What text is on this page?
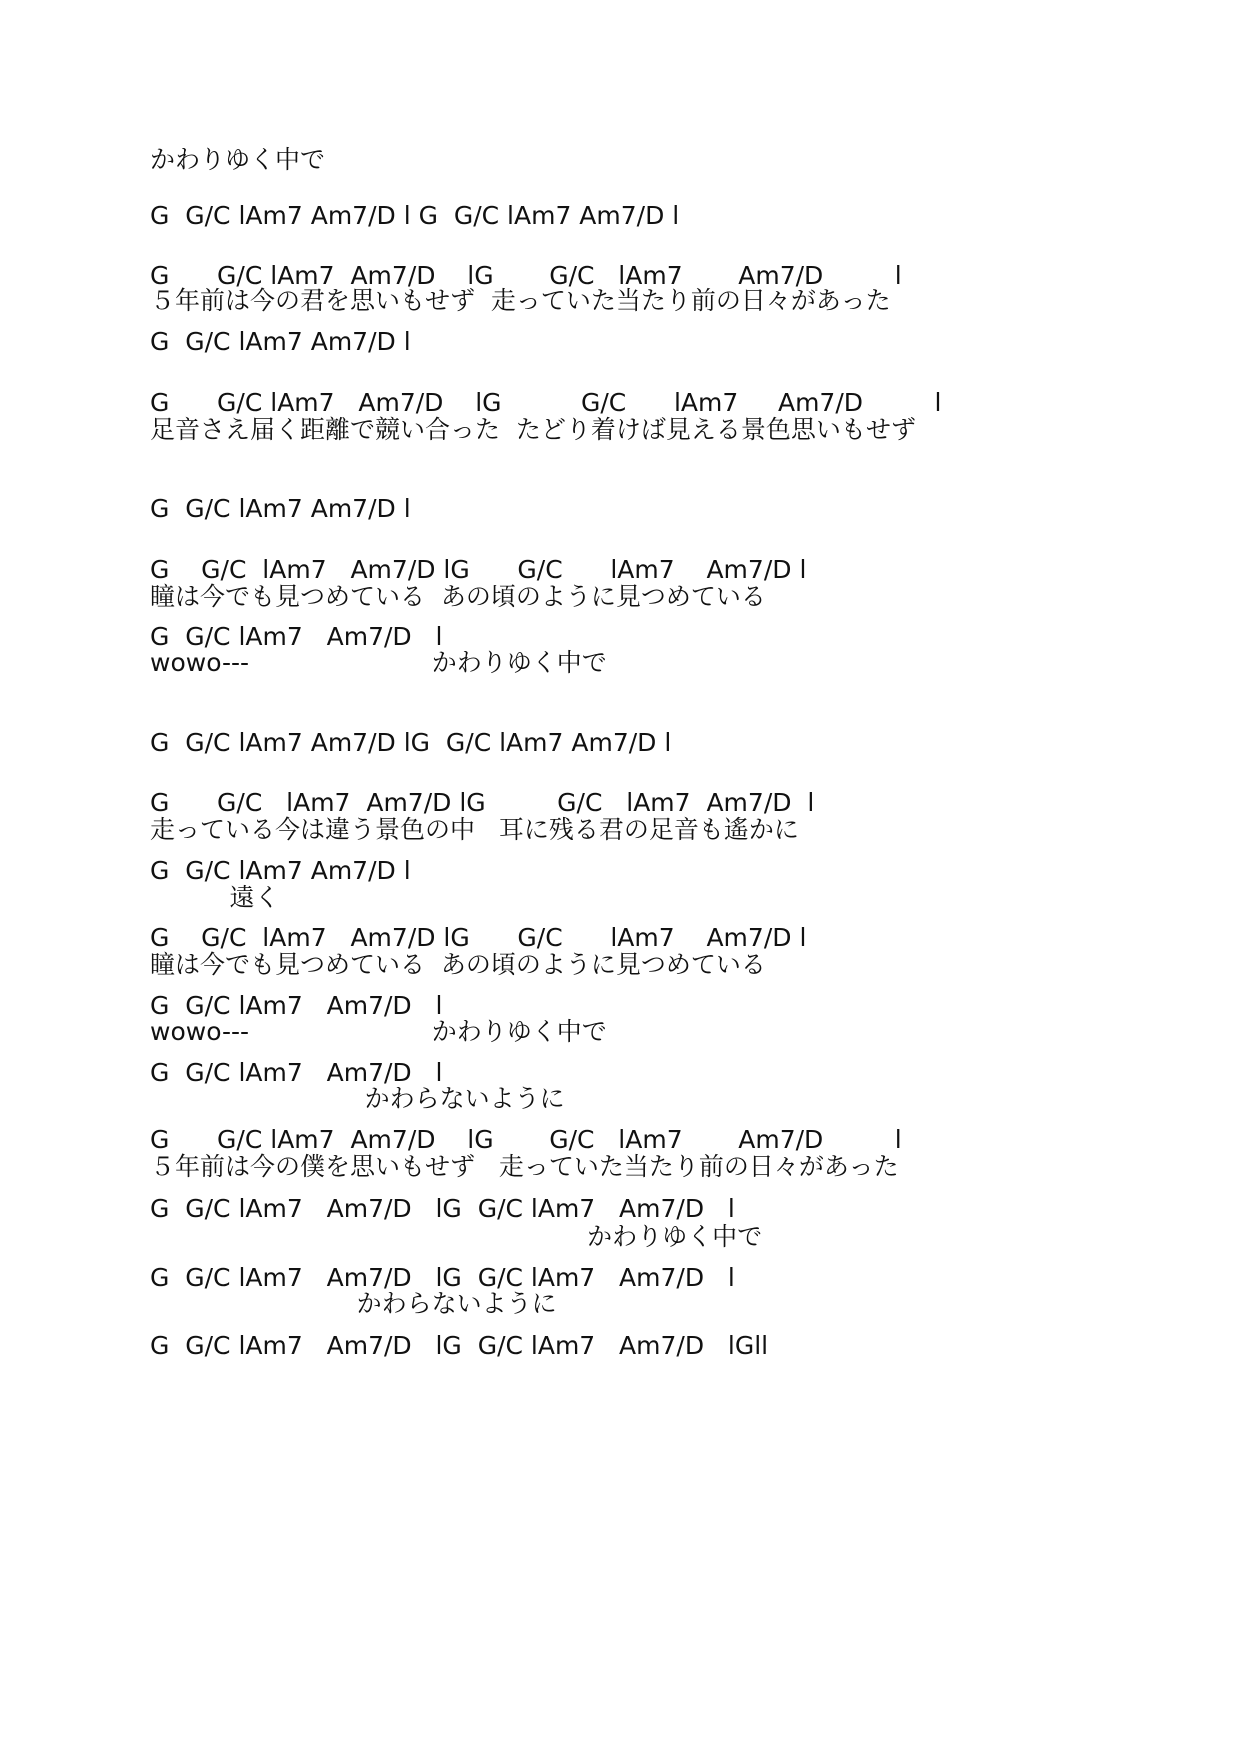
かわりゆく中で

G  G/C lAm7 Am7/D l G  G/C lAm7 Am7/D l

G      G/C lAm7  Am7/D    lG       G/C   lAm7       Am7/D         l

５年前は今の君を思いもせず  走っていた当たり前の日々があった

G  G/C lAm7 Am7/D l

G      G/C lAm7   Am7/D    lG          G/C      lAm7     Am7/D         l

足音さえ届く距離で競い合った  たどり着けば見える景色思いもせず

G  G/C lAm7 Am7/D l

G    G/C  lAm7   Am7/D lG      G/C      lAm7    Am7/D l

瞳は今でも見つめている  あの頃のように見つめている

G  G/C lAm7   Am7/D   l

wowo---                       かわりゆく中で

G  G/C lAm7 Am7/D lG  G/C lAm7 Am7/D l

G      G/C   lAm7  Am7/D lG         G/C   lAm7  Am7/D  l

走っている今は違う景色の中   耳に残る君の足音も遙かに

G  G/C lAm7 Am7/D l

遠く

G    G/C  lAm7   Am7/D lG      G/C      lAm7    Am7/D l

瞳は今でも見つめている  あの頃のように見つめている

G  G/C lAm7   Am7/D   l

wowo---                       かわりゆく中で

G  G/C lAm7   Am7/D   l

かわらないように

G      G/C lAm7  Am7/D    lG       G/C   lAm7       Am7/D         l

５年前は今の僕を思いもせず   走っていた当たり前の日々があった

G  G/C lAm7   Am7/D   lG  G/C lAm7   Am7/D   l

かわりゆく中で

G  G/C lAm7   Am7/D   lG  G/C lAm7   Am7/D   l

かわらないように

G  G/C lAm7   Am7/D   lG  G/C lAm7   Am7/D   lGll
